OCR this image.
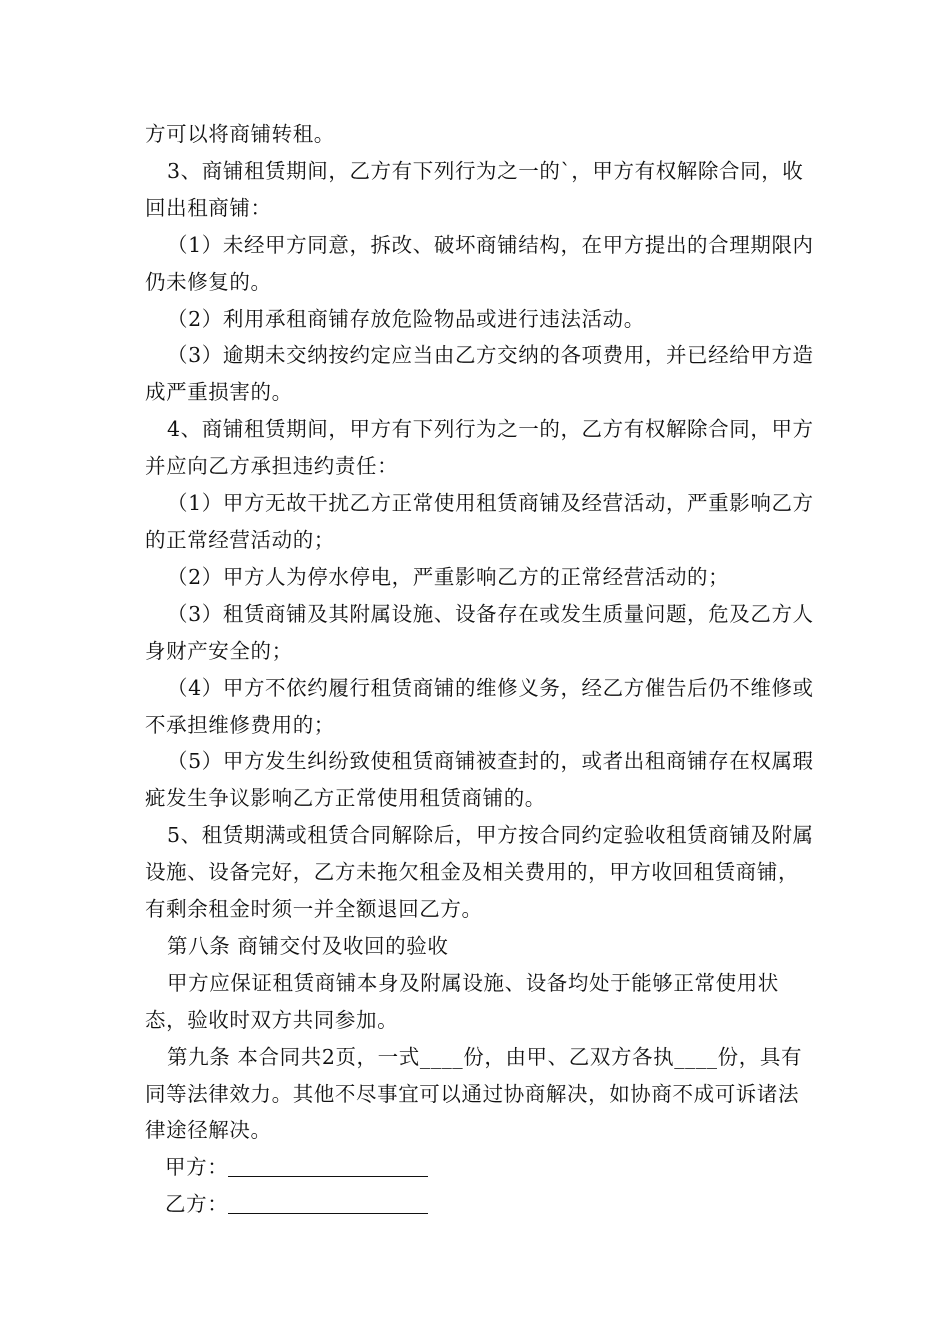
方可以将商铺转租。

3、商铺租赁期间，乙方有下列行为之一的`，甲方有权解除合同，收回出租商铺：

（1）未经甲方同意，拆改、破坏商铺结构，在甲方提出的合理期限内仍未修复的。

（2）利用承租商铺存放危险物品或进行违法活动。

（3）逾期未交纳按约定应当由乙方交纳的各项费用，并已经给甲方造成严重损害的。

4、商铺租赁期间，甲方有下列行为之一的，乙方有权解除合同，甲方并应向乙方承担违约责任：

（1）甲方无故干扰乙方正常使用租赁商铺及经营活动，严重影响乙方的正常经营活动的；

（2）甲方人为停水停电，严重影响乙方的正常经营活动的；

（3）租赁商铺及其附属设施、设备存在或发生质量问题，危及乙方人身财产安全的；

（4）甲方不依约履行租赁商铺的维修义务，经乙方催告后仍不维修或不承担维修费用的；

（5）甲方发生纠纷致使租赁商铺被查封的，或者出租商铺存在权属瑕疵发生争议影响乙方正常使用租赁商铺的。

5、租赁期满或租赁合同解除后，甲方按合同约定验收租赁商铺及附属设施、设备完好，乙方未拖欠租金及相关费用的，甲方收回租赁商铺，有剩余租金时须一并全额退回乙方。

第八条 商铺交付及收回的验收

甲方应保证租赁商铺本身及附属设施、设备均处于能够正常使用状态，验收时双方共同参加。

第九条 本合同共2页，一式____份，由甲、乙双方各执____份，具有同等法律效力。其他不尽事宜可以通过协商解决，如协商不成可诉诸法律途径解决。

甲方：
乙方：
